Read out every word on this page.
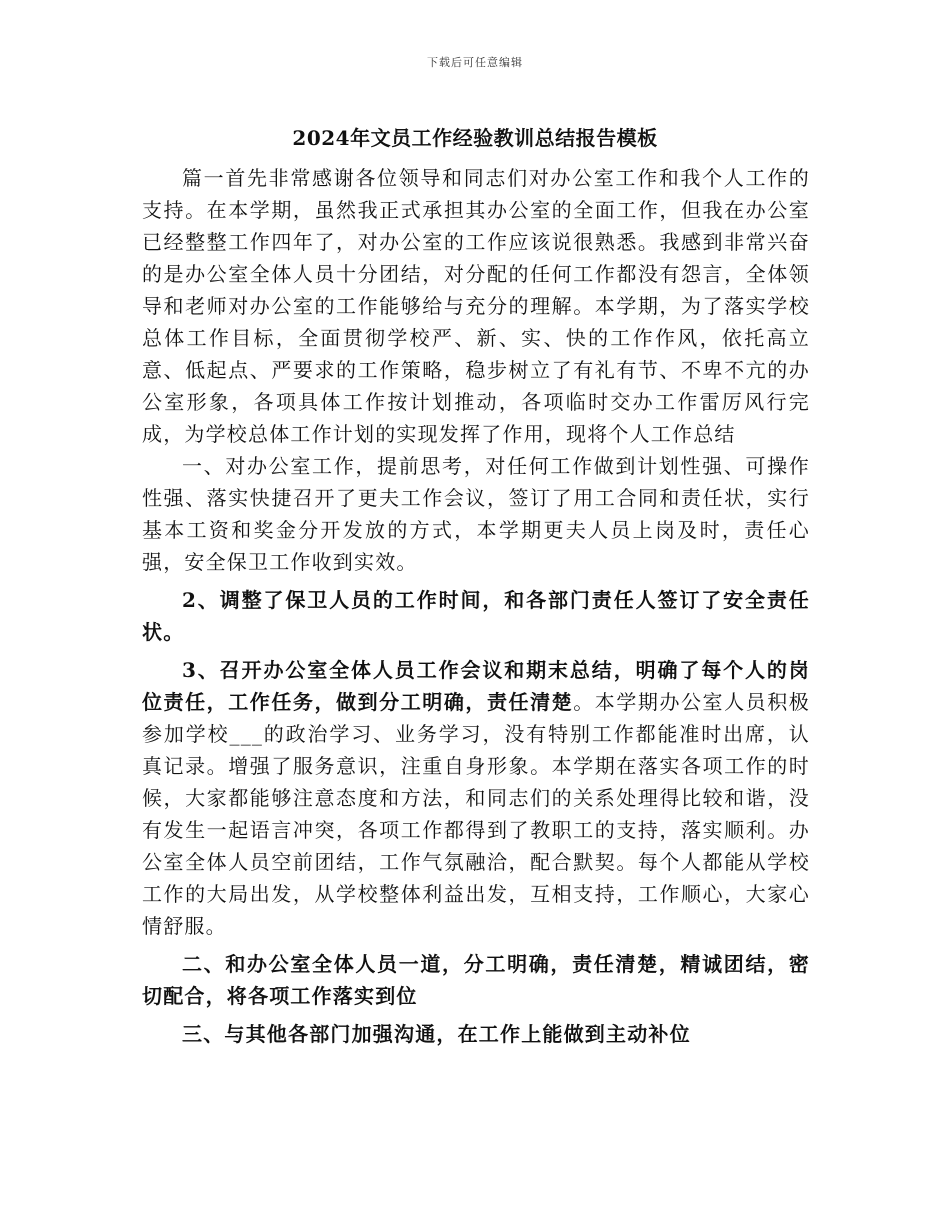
下载后可任意编辑
2024年文员工作经验教训总结报告模板

篇一首先非常感谢各位领导和同志们对办公室工作和我个人工作的支持。在本学期，虽然我正式承担其办公室的全面工作，但我在办公室已经整整工作四年了，对办公室的工作应该说很熟悉。我感到非常兴奋的是办公室全体人员十分团结，对分配的任何工作都没有怨言，全体领导和老师对办公室的工作能够给与充分的理解。本学期，为了落实学校总体工作目标，全面贯彻学校严、新、实、快的工作作风，依托高立意、低起点、严要求的工作策略，稳步树立了有礼有节、不卑不亢的办公室形象，各项具体工作按计划推动，各项临时交办工作雷厉风行完成，为学校总体工作计划的实现发挥了作用，现将个人工作总结

一、对办公室工作，提前思考，对任何工作做到计划性强、可操作性强、落实快捷召开了更夫工作会议，签订了用工合同和责任状，实行基本工资和奖金分开发放的方式，本学期更夫人员上岗及时，责任心强，安全保卫工作收到实效。

2、调整了保卫人员的工作时间，和各部门责任人签订了安全责任状。

3、召开办公室全体人员工作会议和期末总结，明确了每个人的岗位责任，工作任务，做到分工明确，责任清楚。本学期办公室人员积极参加学校___的政治学习、业务学习，没有特别工作都能准时出席，认真记录。增强了服务意识，注重自身形象。本学期在落实各项工作的时候，大家都能够注意态度和方法，和同志们的关系处理得比较和谐，没有发生一起语言冲突，各项工作都得到了教职工的支持，落实顺利。办公室全体人员空前团结，工作气氛融洽，配合默契。每个人都能从学校工作的大局出发，从学校整体利益出发，互相支持，工作顺心，大家心情舒服。

二、和办公室全体人员一道，分工明确，责任清楚，精诚团结，密切配合，将各项工作落实到位

三、与其他各部门加强沟通，在工作上能做到主动补位
